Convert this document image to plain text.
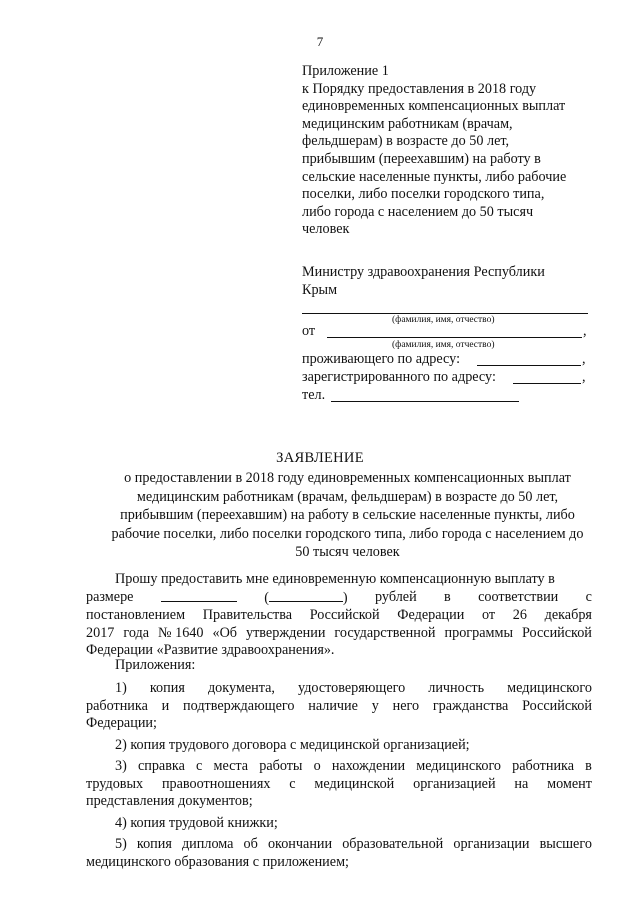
7
Приложение 1
к Порядку предоставления в 2018 году
единовременных компенсационных выплат
медицинским работникам (врачам,
фельдшерам) в возрасте до 50 лет,
прибывшим (переехавшим) на работу в
сельские населенные пункты, либо рабочие
поселки, либо поселки городского типа,
либо города с населением до 50 тысяч
человек
Министру здравоохранения Республики
Крым
(фамилия, имя, отчество)
от	,
(фамилия, имя, отчество)
проживающего по адресу:	,
зарегистрированного по адресу:	,
тел.
ЗАЯВЛЕНИЕ
о предоставлении в 2018 году единовременных компенсационных выплат
медицинским работникам (врачам, фельдшерам) в возрасте до 50 лет,
прибывшим (переехавшим) на работу в сельские населенные пункты, либо
рабочие поселки, либо поселки городского типа, либо города с населением до
50 тысяч человек
Прошу предоставить мне единовременную компенсационную выплату в
размере	(	) рублей в соответствии с
постановлением Правительства Российской Федерации от 26 декабря
2017 года № 1640 «Об утверждении государственной программы Российской
Федерации «Развитие здравоохранения».
Приложения:
1) копия документа, удостоверяющего личность медицинского
работника и подтверждающего наличие у него гражданства Российской
Федерации;
2) копия трудового договора с медицинской организацией;
3) справка с места работы о нахождении медицинского работника в
трудовых правоотношениях с медицинской организацией на момент
представления документов;
4) копия трудовой книжки;
5) копия диплома об окончании образовательной организации высшего
медицинского образования с приложением;
